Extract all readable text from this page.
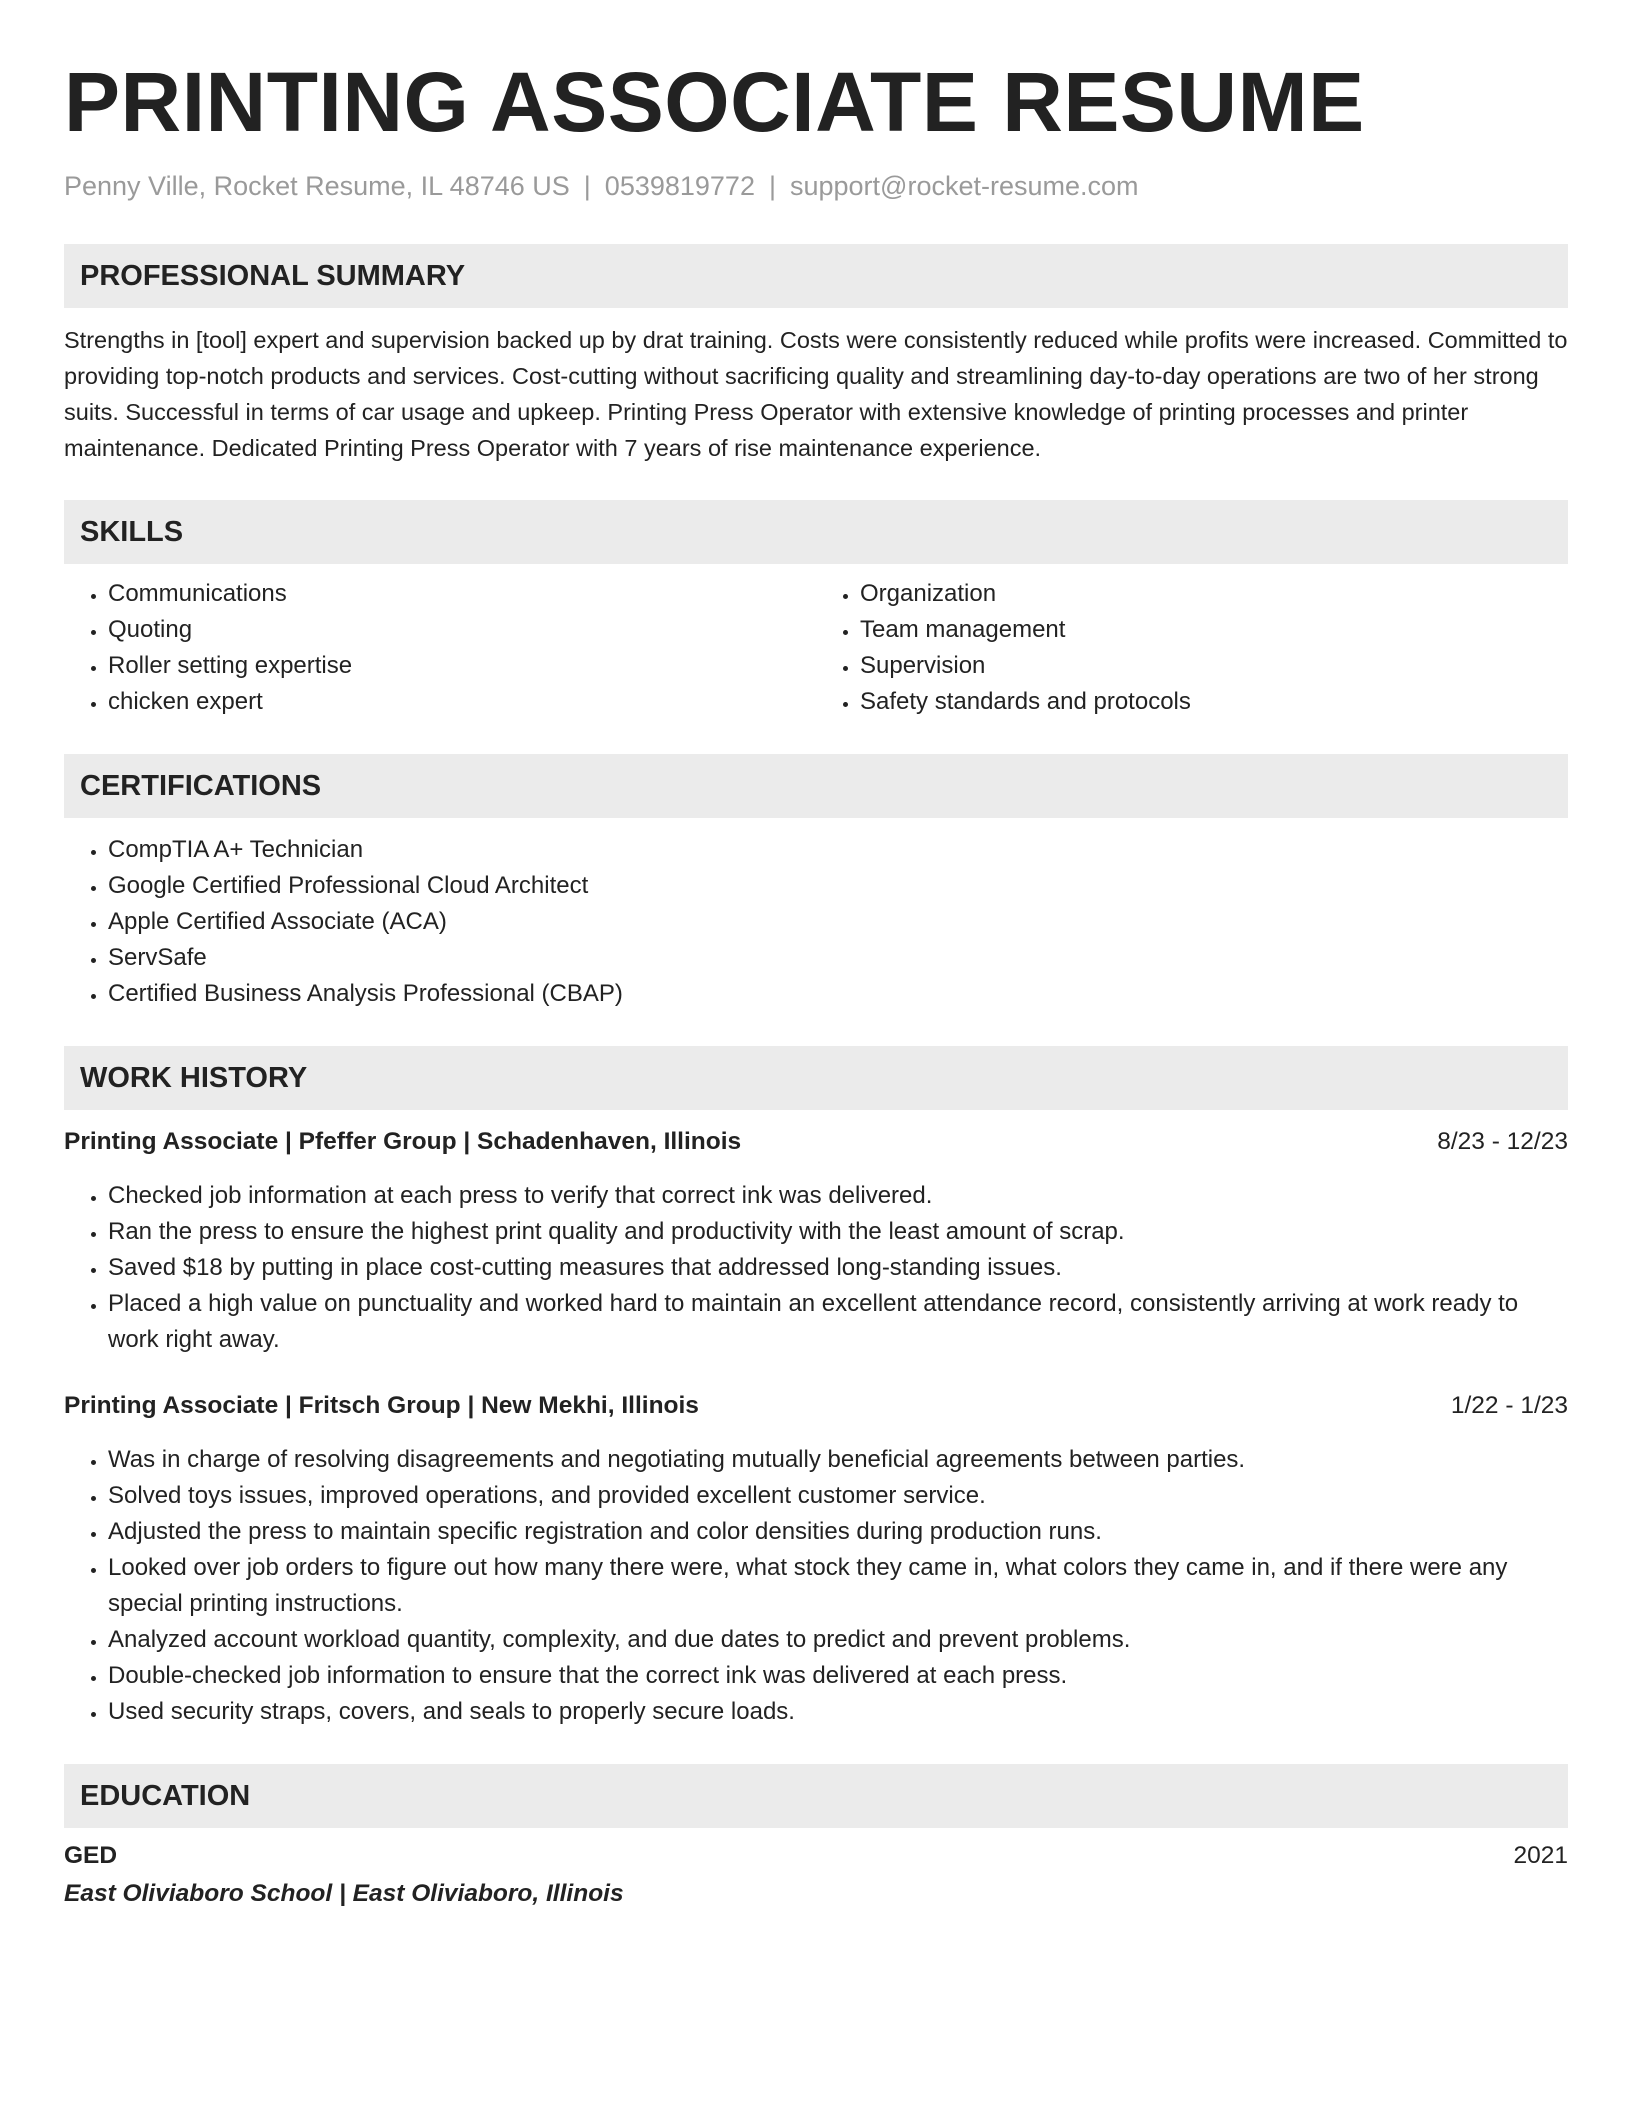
PRINTING ASSOCIATE RESUME
Penny Ville, Rocket Resume, IL 48746 US | 0539819772 | support@rocket-resume.com
PROFESSIONAL SUMMARY

Strengths in [tool] expert and supervision backed up by drat training. Costs were consistently reduced while profits were increased. Committed to providing top-notch products and services. Cost-cutting without sacrificing quality and streamlining day-to-day operations are two of her strong suits. Successful in terms of car usage and upkeep. Printing Press Operator with extensive knowledge of printing processes and printer maintenance. Dedicated Printing Press Operator with 7 years of rise maintenance experience.

SKILLS
• Communications
• Quoting
• Roller setting expertise
• chicken expert
• Organization
• Team management
• Supervision
• Safety standards and protocols
CERTIFICATIONS
• CompTIA A+ Technician
• Google Certified Professional Cloud Architect
• Apple Certified Associate (ACA)
• ServSafe
• Certified Business Analysis Professional (CBAP)
WORK HISTORY
Printing Associate | Pfeffer Group | Schadenhaven, Illinois	8/23 - 12/23
• Checked job information at each press to verify that correct ink was delivered.
• Ran the press to ensure the highest print quality and productivity with the least amount of scrap.
• Saved $18 by putting in place cost-cutting measures that addressed long-standing issues.
• Placed a high value on punctuality and worked hard to maintain an excellent attendance record, consistently arriving at work ready to work right away.
Printing Associate | Fritsch Group | New Mekhi, Illinois	1/22 - 1/23
• Was in charge of resolving disagreements and negotiating mutually beneficial agreements between parties.
• Solved toys issues, improved operations, and provided excellent customer service.
• Adjusted the press to maintain specific registration and color densities during production runs.
• Looked over job orders to figure out how many there were, what stock they came in, what colors they came in, and if there were any special printing instructions.
• Analyzed account workload quantity, complexity, and due dates to predict and prevent problems.
• Double-checked job information to ensure that the correct ink was delivered at each press.
• Used security straps, covers, and seals to properly secure loads.
EDUCATION
GED	2021
East Oliviaboro School | East Oliviaboro, Illinois
